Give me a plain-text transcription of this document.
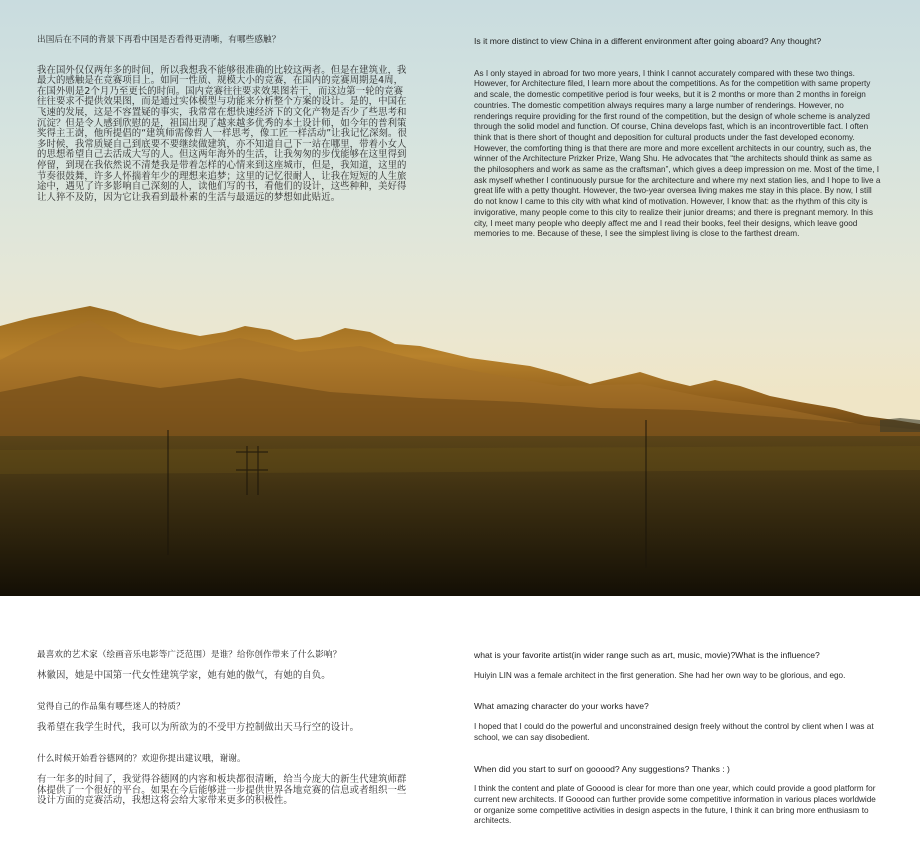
出国后在不同的背景下再看中国是否看得更清晰，有哪些感触？
我在国外仅仅两年多的时间，所以我想我不能够很准确的比较这两者。但是在建筑业，我最大的感触是在竞赛项目上。如同一性质、规模大小的竞赛，在国内的竞赛周期是4周，在国外则是2个月乃至更长的时间。国内竞赛往往要求效果图若干，而这边第一轮的竞赛往往要求不提供效果图，而是通过实体模型与功能来分析整个方案的设计。是的，中国在飞速的发展，这是不容置疑的事实，我常常在想快速经济下的文化产物是否少了些思考和沉淀？但是令人感到欣慰的是，祖国出现了越来越多优秀的本土设计师，如今年的普利策奖得主王澍，他所提倡的“建筑师需像哲人一样思考，像工匠一样活动”让我记忆深刻。很多时候，我常质疑自己到底要不要继续做建筑，亦不知道自己下一站在哪里，带着小女人的思想希望自己去活成大写的人。但这两年海外的生活，让我匆匆的步伐能够在这里得到停留，到现在我依然说不清楚我是带着怎样的心情来到这座城市，但是，我知道，这里的节奏很鼓舞，许多人怀揣着年少的理想来追梦；这里的记忆很耐人，让我在短短的人生旅途中，遇见了许多影响自己深刻的人，读他们写的书，看他们的设计，这些种种，美好得让人猝不及防，因为它让我看到最朴素的生活与最遥远的梦想如此贴近。
Is it more distinct to view China in a different environment after going aboard? Any thought?
As I only stayed in abroad for two more years, I think I cannot accurately compared with these two things. However, for Architecture filed, I learn more about the competitions. As for the competition with same property and scale, the domestic competitive period is four weeks, but it is 2 months or more than 2 months in foreign countries. The domestic competition always requires many a large number of renderings. However, no renderings require providing for the first round of the competition, but the design of whole scheme is analyzed through the solid model and function. Of course, China develops fast, which is an incontrovertible fact. I often think that is there short of thought and deposition for cultural products under the fast developed economy. However, the comforting thing is that there are more and more excellent architects in our country, such as, the winner of the Architecture Prizker Prize, Wang Shu. He advocates that “the architects should think as same as the philosophers and work as same as the craftsman”, which gives a deep impression on me. Most of the time, I ask myself whether I continuously pursue for the architecture and where my next station lies, and I hope to live a great life with a petty thought. However, the two-year oversea living makes me stay in this place. By now, I still do not know I came to this city with what kind of motivation. However, I know that: as the rhythm of this city is invigorative, many people come to this city to realize their junior dreams; and there is pregnant memory. In this city, I meet many people who deeply affect me and I read their books, feel their designs, which leave good memories to me. Because of these, I see the simplest living is close to the farthest dream.
最喜欢的艺术家（绘画音乐电影等广泛范围）是谁？给你创作带来了什么影响？
林徽因，她是中国第一代女性建筑学家，她有她的傲气，有她的自负。
觉得自己的作品集有哪些迷人的特质？
我希望在我学生时代，我可以为所欲为的不受甲方控制做出天马行空的设计。
什么时候开始看谷德网的？欢迎你提出建议哦，谢谢。
有一年多的时间了，我觉得谷德网的内容和板块都很清晰，给当今庞大的新生代建筑师群体提供了一个很好的平台。如果在今后能够进一步提供世界各地竞赛的信息或者组织一些设计方面的竞赛活动，我想这将会给大家带来更多的积极性。
what is your favorite artist(in wider range such as art, music, movie)?What is the influence?
Huiyin LIN was a female architect in the first generation. She had her own way to be glorious, and ego.
What amazing character do your works have?
I hoped that I could do the powerful and unconstrained design freely without the control by client when I was at school, we can say disobedient.
When did you start to surf on gooood? Any suggestions? Thanks : )
I think the content and plate of Gooood is clear for more than one year, which could provide a good platform for current new architects. If Gooood can further provide some competitive information in various places worldwide or organize some competitive activities in design aspects in the future, I think it can bring more enthusiasm to architects.
